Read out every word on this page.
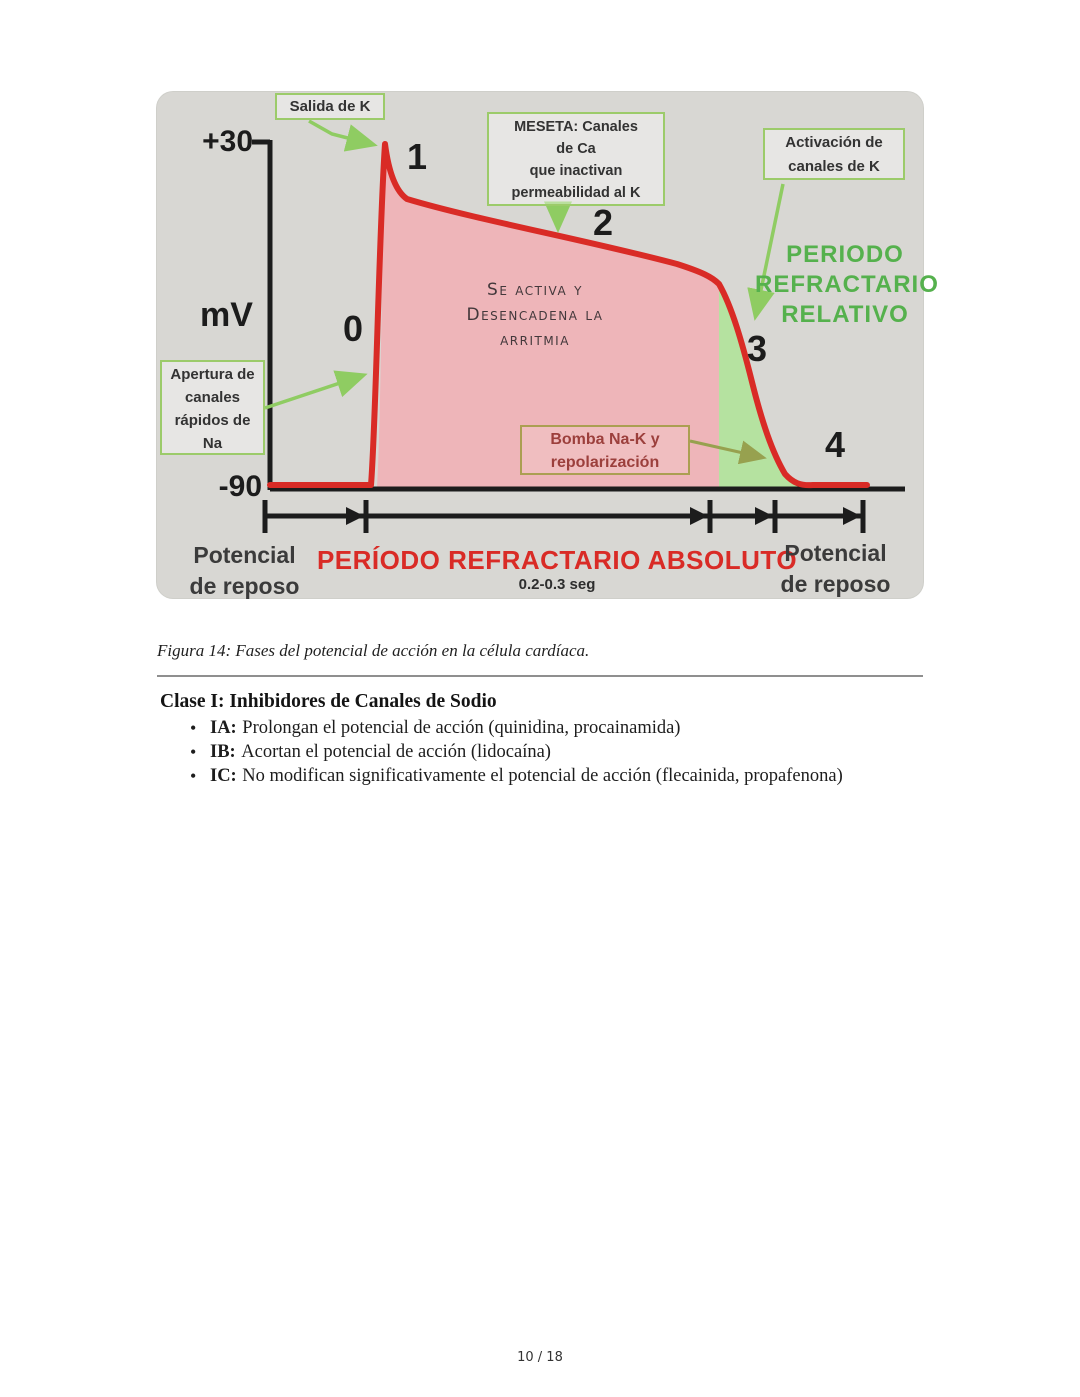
+30
mV
-90
0
1
2
3
4
Salida de K
MESETA: Canales
de Ca
que inactivan
permeabilidad al K
Activación de
canales de K
Apertura de
canales
rápidos de
Na	Bomba Na-K y
repolarización
Se activa y
Desencadena la
arritmia
PERIODO
REFRACTARIO
RELATIVO
PERÍODO REFRACTARIO ABSOLUTO
0.2-0.3 seg
Potencial
de reposo
Potencial
de reposo
Figura 14: Fases del potencial de acción en la célula cardíaca.
Clase I: Inhibidores de Canales de Sodio
• IA: Prolongan el potencial de acción (quinidina, procainamida)
• IB: Acortan el potencial de acción (lidocaína)
• IC: No modifican significativamente el potencial de acción (flecainida, propafenona)
10 / 18
